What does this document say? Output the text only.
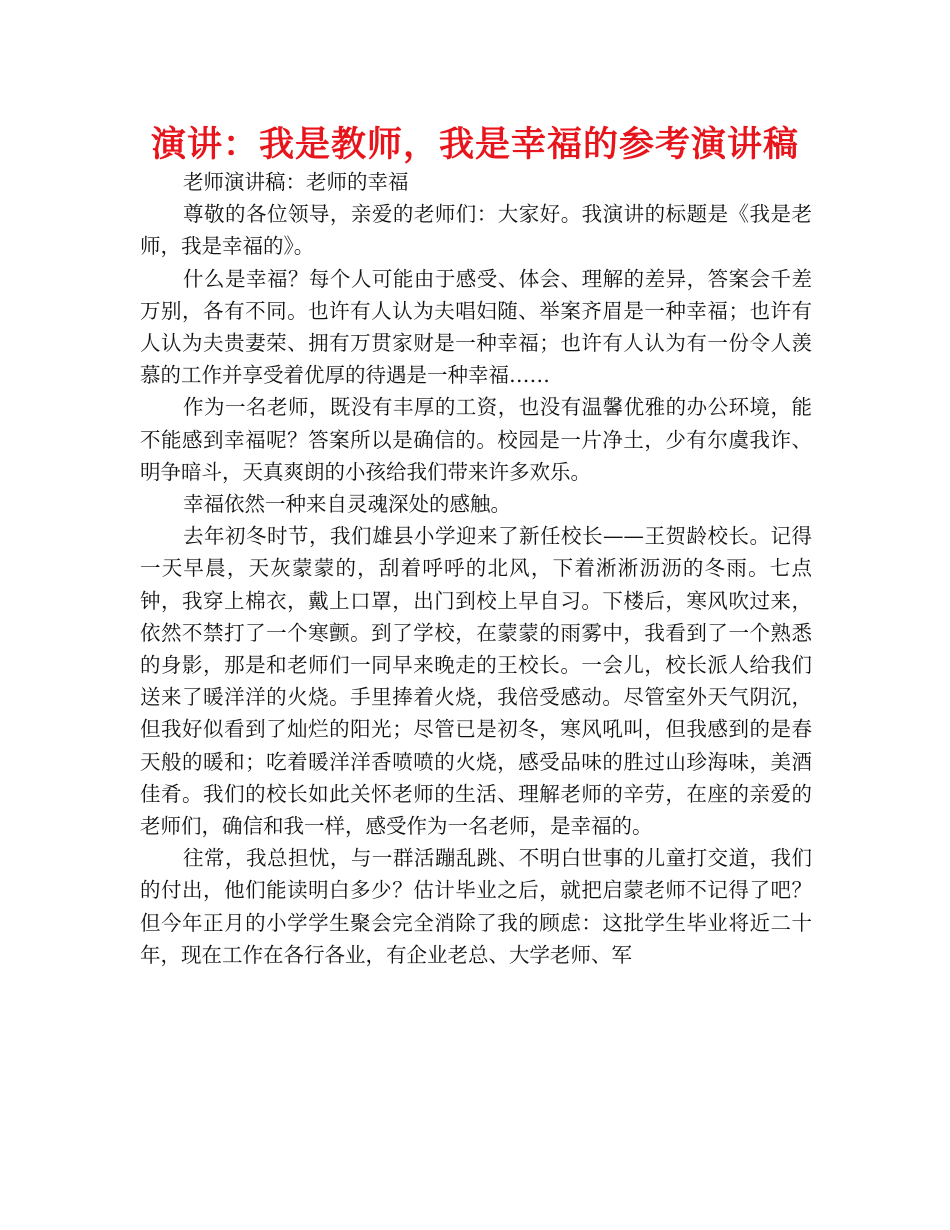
演讲：我是教师，我是幸福的参考演讲稿

老师演讲稿：老师的幸福

尊敬的各位领导，亲爱的老师们：大家好。我演讲的标题是《我是老师，我是幸福的》。

什么是幸福？每个人可能由于感受、体会、理解的差异，答案会千差万别，各有不同。也许有人认为夫唱妇随、举案齐眉是一种幸福；也许有人认为夫贵妻荣、拥有万贯家财是一种幸福；也许有人认为有一份令人羡慕的工作并享受着优厚的待遇是一种幸福……

作为一名老师，既没有丰厚的工资，也没有温馨优雅的办公环境，能不能感到幸福呢？答案所以是确信的。校园是一片净土，少有尔虞我诈、明争暗斗，天真爽朗的小孩给我们带来许多欢乐。

幸福依然一种来自灵魂深处的感触。

去年初冬时节，我们雄县小学迎来了新任校长——王贺龄校长。记得一天早晨，天灰蒙蒙的，刮着呼呼的北风，下着淅淅沥沥的冬雨。七点钟，我穿上棉衣，戴上口罩，出门到校上早自习。下楼后，寒风吹过来，依然不禁打了一个寒颤。到了学校，在蒙蒙的雨雾中，我看到了一个熟悉的身影，那是和老师们一同早来晚走的王校长。一会儿，校长派人给我们送来了暖洋洋的火烧。手里捧着火烧，我倍受感动。尽管室外天气阴沉，但我好似看到了灿烂的阳光；尽管已是初冬，寒风吼叫，但我感到的是春天般的暖和；吃着暖洋洋香喷喷的火烧，感受品味的胜过山珍海味，美酒佳肴。我们的校长如此关怀老师的生活、理解老师的辛劳，在座的亲爱的老师们，确信和我一样，感受作为一名老师，是幸福的。

往常，我总担忧，与一群活蹦乱跳、不明白世事的儿童打交道，我们的付出，他们能读明白多少？估计毕业之后，就把启蒙老师不记得了吧？但今年正月的小学学生聚会完全消除了我的顾虑：这批学生毕业将近二十年，现在工作在各行各业，有企业老总、大学老师、军
